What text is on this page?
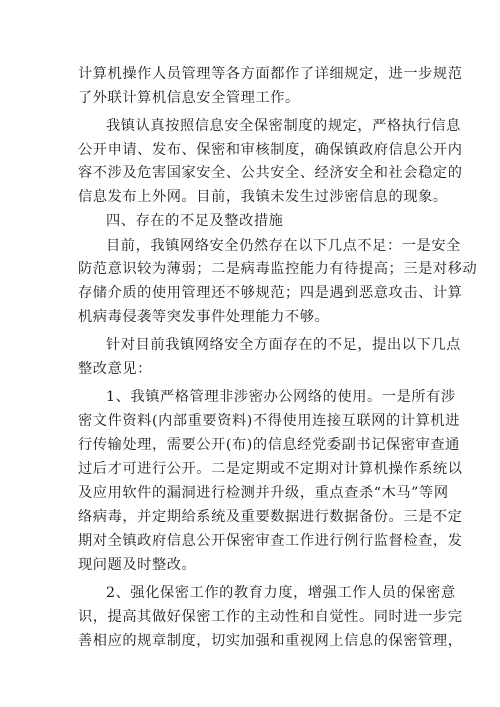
计算机操作人员管理等各方面都作了详细规定，进一步规范
了外联计算机信息安全管理工作。
我镇认真按照信息安全保密制度的规定，严格执行信息
公开申请、发布、保密和审核制度，确保镇政府信息公开内
容不涉及危害国家安全、公共安全、经济安全和社会稳定的
信息发布上外网。目前，我镇未发生过涉密信息的现象。
四、存在的不足及整改措施
目前，我镇网络安全仍然存在以下几点不足：一是安全
防范意识较为薄弱；二是病毒监控能力有待提高；三是对移动
存储介质的使用管理还不够规范；四是遇到恶意攻击、计算
机病毒侵袭等突发事件处理能力不够。
针对目前我镇网络安全方面存在的不足，提出以下几点
整改意见：
1、我镇严格管理非涉密办公网络的使用。一是所有涉
密文件资料(内部重要资料)不得使用连接互联网的计算机进
行传输处理，需要公开(布)的信息经党委副书记保密审查通
过后才可进行公开。二是定期或不定期对计算机操作系统以
及应用软件的漏洞进行检测并升级，重点查杀“木马”等网
络病毒，并定期给系统及重要数据进行数据备份。三是不定
期对全镇政府信息公开保密审查工作进行例行监督检查，发
现问题及时整改。
2、强化保密工作的教育力度，增强工作人员的保密意
识，提高其做好保密工作的主动性和自觉性。同时进一步完
善相应的规章制度，切实加强和重视网上信息的保密管理，
